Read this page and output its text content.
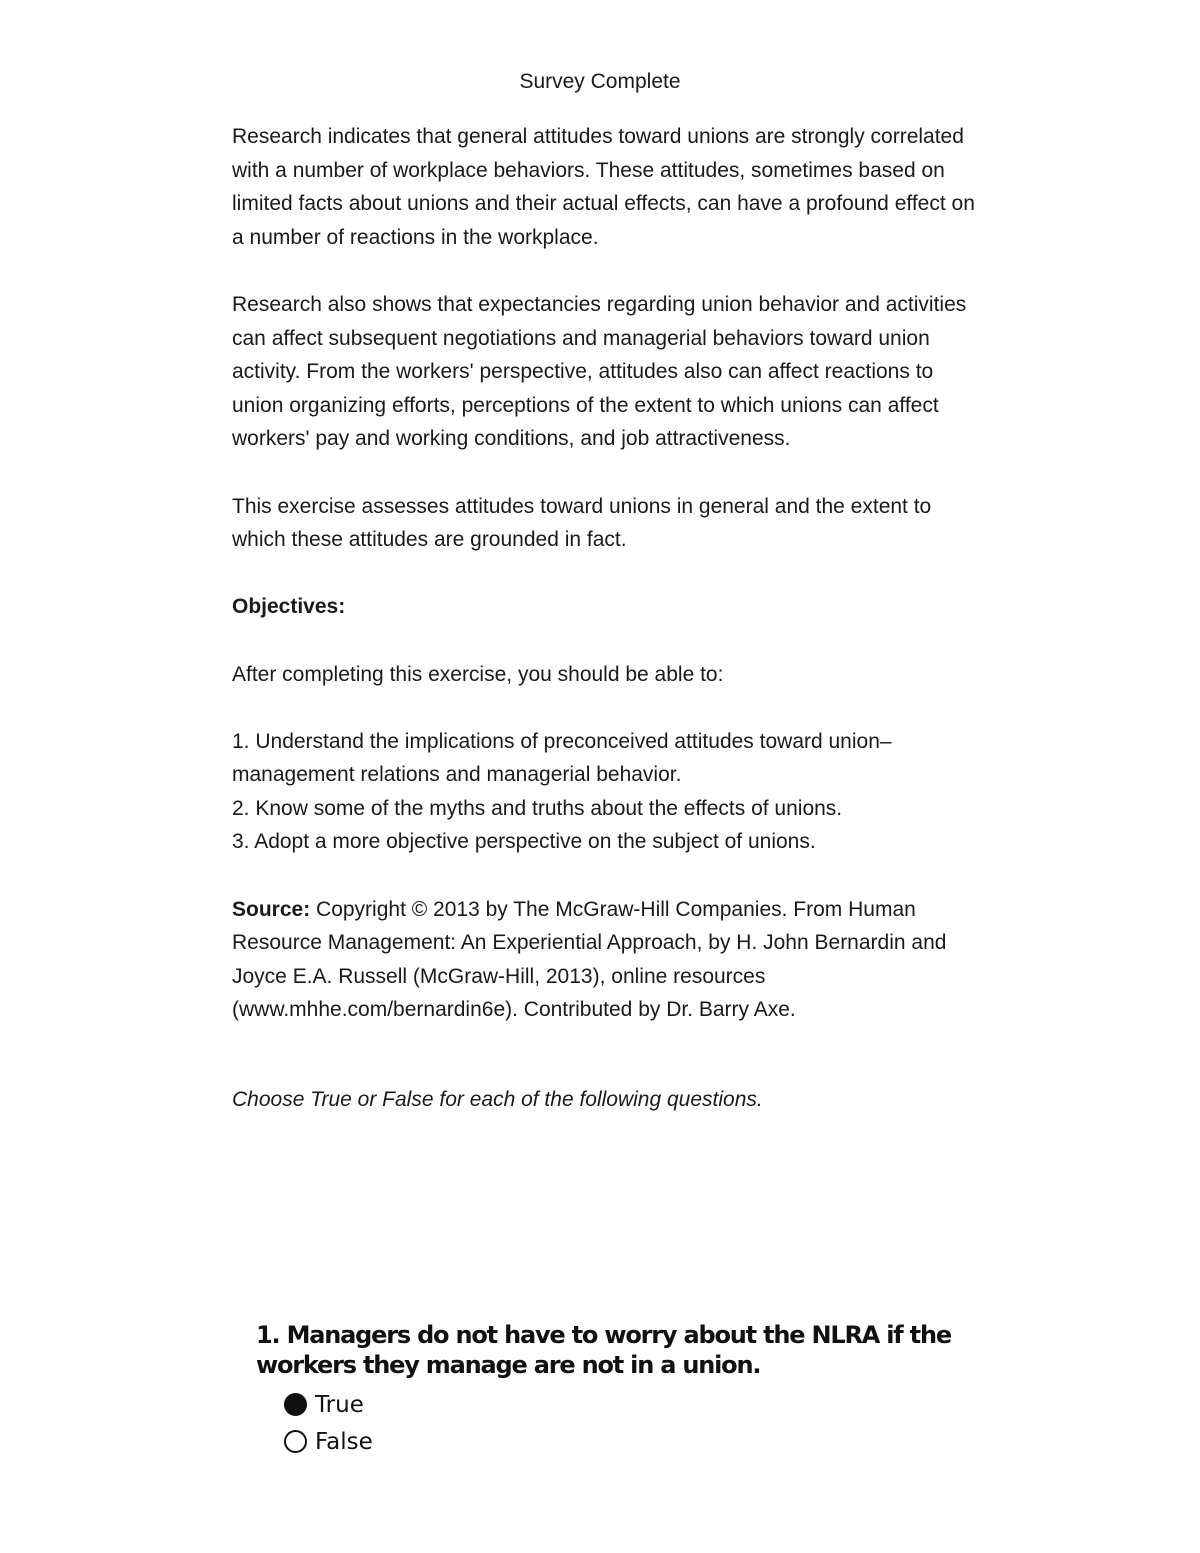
Survey Complete

Research indicates that general attitudes toward unions are strongly correlated with a number of workplace behaviors. These attitudes, sometimes based on limited facts about unions and their actual effects, can have a profound effect on a number of reactions in the workplace.

Research also shows that expectancies regarding union behavior and activities can affect subsequent negotiations and managerial behaviors toward union activity. From the workers' perspective, attitudes also can affect reactions to union organizing efforts, perceptions of the extent to which unions can affect workers' pay and working conditions, and job attractiveness.

This exercise assesses attitudes toward unions in general and the extent to which these attitudes are grounded in fact.

Objectives:

After completing this exercise, you should be able to:

1. Understand the implications of preconceived attitudes toward union–management relations and managerial behavior.

2. Know some of the myths and truths about the effects of unions.

3. Adopt a more objective perspective on the subject of unions.

Source: Copyright © 2013 by The McGraw-Hill Companies. From Human Resource Management: An Experiential Approach, by H. John Bernardin and Joyce E.A. Russell (McGraw-Hill, 2013), online resources (www.mhhe.com/bernardin6e). Contributed by Dr. Barry Axe.

Choose True or False for each of the following questions.

1. Managers do not have to worry about the NLRA if the workers they manage are not in a union.

True
False
